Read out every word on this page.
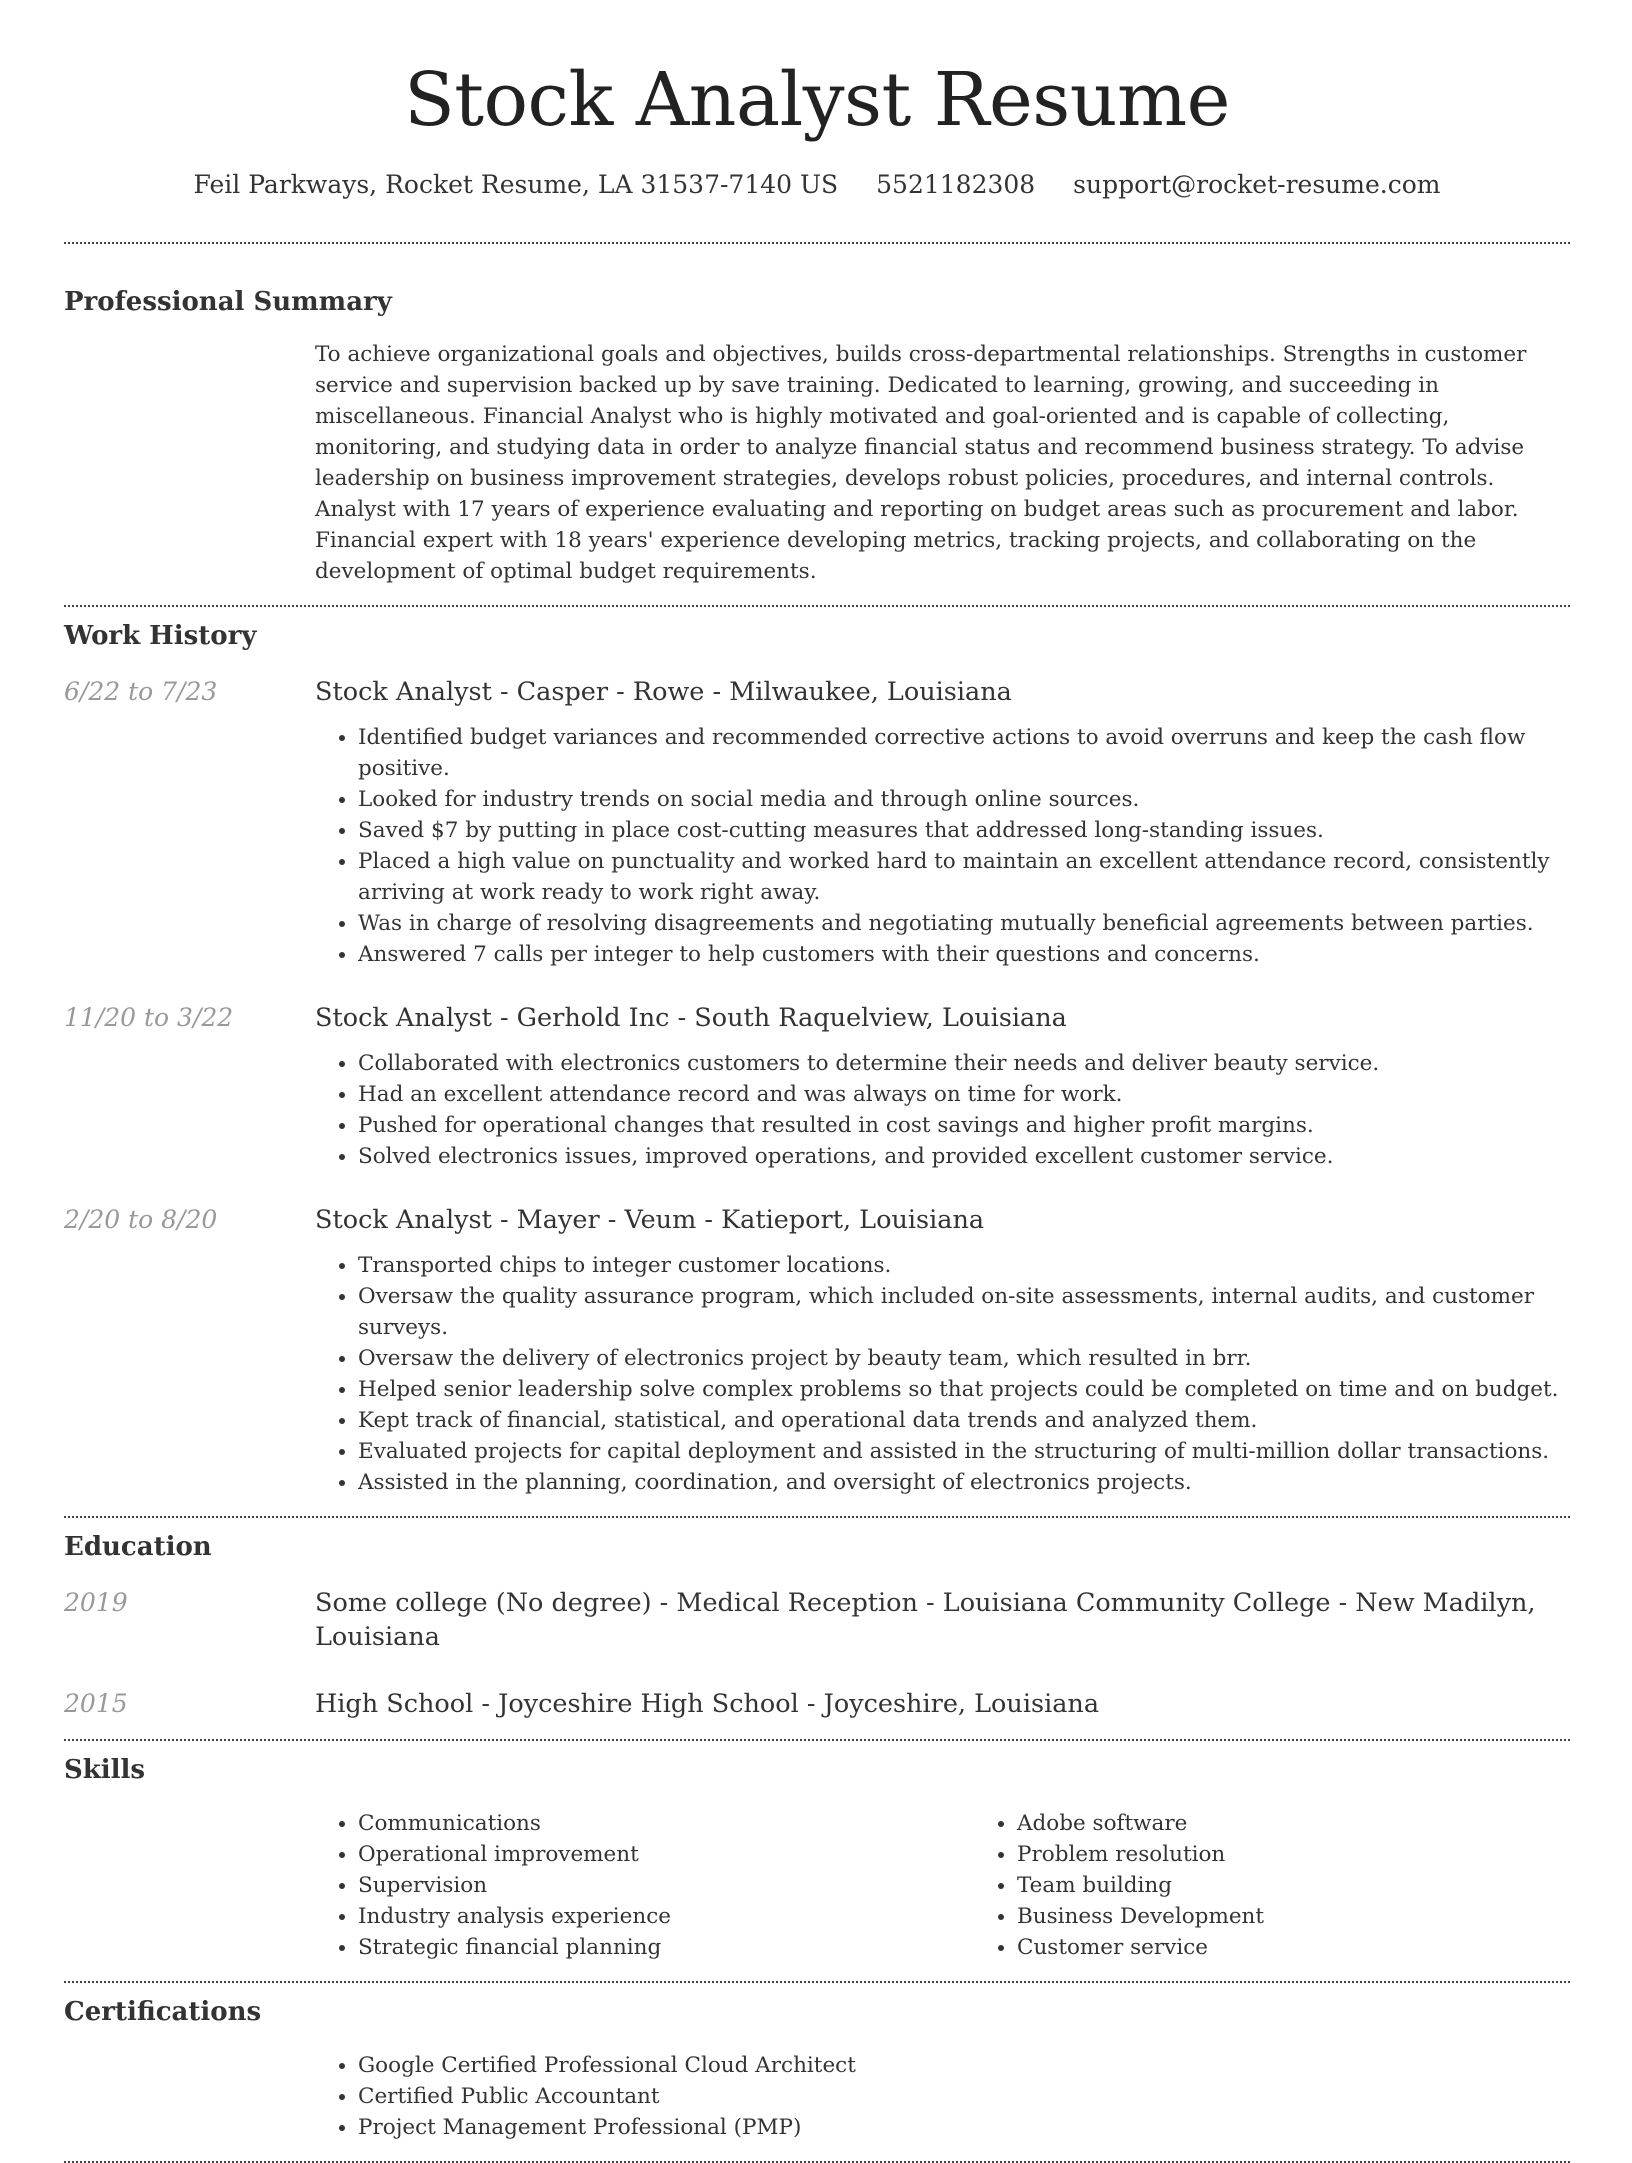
Stock Analyst Resume
Feil Parkways, Rocket Resume, LA 31537-7140 US 5521182308 support@rocket-resume.com
Professional Summary
To achieve organizational goals and objectives, builds cross-departmental relationships. Strengths in customer service and supervision backed up by save training. Dedicated to learning, growing, and succeeding in miscellaneous. Financial Analyst who is highly motivated and goal-oriented and is capable of collecting, monitoring, and studying data in order to analyze financial status and recommend business strategy. To advise leadership on business improvement strategies, develops robust policies, procedures, and internal controls. Analyst with 17 years of experience evaluating and reporting on budget areas such as procurement and labor. Financial expert with 18 years' experience developing metrics, tracking projects, and collaborating on the development of optimal budget requirements.
Work History
6/22 to 7/23	Stock Analyst - Casper - Rowe - Milwaukee, Louisiana
• Identified budget variances and recommended corrective actions to avoid overruns and keep the cash flow positive.
• Looked for industry trends on social media and through online sources.
• Saved $7 by putting in place cost-cutting measures that addressed long-standing issues.
• Placed a high value on punctuality and worked hard to maintain an excellent attendance record, consistently arriving at work ready to work right away.
• Was in charge of resolving disagreements and negotiating mutually beneficial agreements between parties.
• Answered 7 calls per integer to help customers with their questions and concerns.
11/20 to 3/22	Stock Analyst - Gerhold Inc - South Raquelview, Louisiana
• Collaborated with electronics customers to determine their needs and deliver beauty service.
• Had an excellent attendance record and was always on time for work.
• Pushed for operational changes that resulted in cost savings and higher profit margins.
• Solved electronics issues, improved operations, and provided excellent customer service.
2/20 to 8/20	Stock Analyst - Mayer - Veum - Katieport, Louisiana
• Transported chips to integer customer locations.
• Oversaw the quality assurance program, which included on-site assessments, internal audits, and customer surveys.
• Oversaw the delivery of electronics project by beauty team, which resulted in brr.
• Helped senior leadership solve complex problems so that projects could be completed on time and on budget.
• Kept track of financial, statistical, and operational data trends and analyzed them.
• Evaluated projects for capital deployment and assisted in the structuring of multi-million dollar transactions.
• Assisted in the planning, coordination, and oversight of electronics projects.
Education
2019	Some college (No degree) - Medical Reception - Louisiana Community College - New Madilyn, Louisiana
2015	High School - Joyceshire High School - Joyceshire, Louisiana
Skills
• Communications
• Operational improvement
• Supervision
• Industry analysis experience
• Strategic financial planning
• Adobe software
• Problem resolution
• Team building
• Business Development
• Customer service
Certifications
• Google Certified Professional Cloud Architect
• Certified Public Accountant
• Project Management Professional (PMP)
